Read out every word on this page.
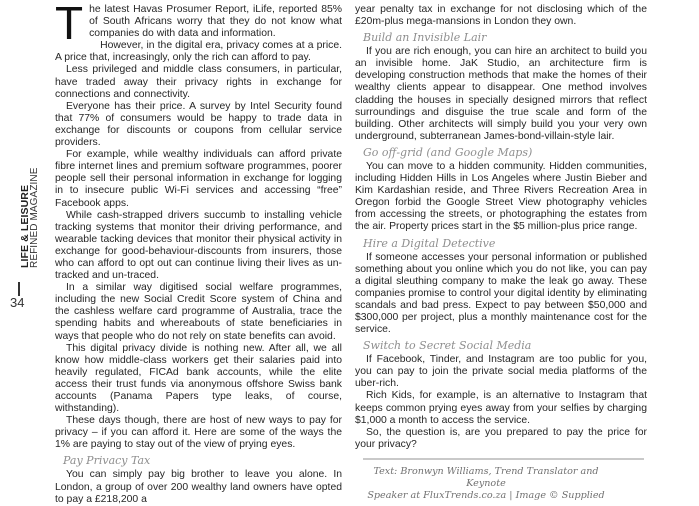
LIFE & LEISURE
REFINED MAGAZINE
34

The latest Havas Prosumer Report, iLife, reported 85% of South Africans worry that they do not know what companies do with data and information.

However, in the digital era, privacy comes at a price. A price that, increasingly, only the rich can afford to pay.

Less privileged and middle class consumers, in particular, have traded away their privacy rights in exchange for connections and connectivity.

Everyone has their price. A survey by Intel Security found that 77% of consumers would be happy to trade data in exchange for discounts or coupons from cellular service providers.

For example, while wealthy individuals can afford private fibre internet lines and premium software programmes, poorer people sell their personal information in exchange for logging in to insecure public Wi-Fi services and accessing “free” Facebook apps.

While cash-strapped drivers succumb to installing vehicle tracking systems that monitor their driving performance, and wearable tacking devices that monitor their physical activity in exchange for good-behaviour-discounts from insurers, those who can afford to opt out can continue living their lives as un-tracked and un-traced.

In a similar way digitised social welfare programmes, including the new Social Credit Score system of China and the cashless welfare card programme of Australia, trace the spending habits and whereabouts of state beneficiaries in ways that people who do not rely on state benefits can avoid.

This digital privacy divide is nothing new. After all, we all know how middle-class workers get their salaries paid into heavily regulated, FICAd bank accounts, while the elite access their trust funds via anonymous offshore Swiss bank accounts (Panama Papers type leaks, of course, withstanding).

These days though, there are host of new ways to pay for privacy – if you can afford it. Here are some of the ways the 1% are paying to stay out of the view of prying eyes.

Pay Privacy Tax

You can simply pay big brother to leave you alone. In London, a group of over 200 wealthy land owners have opted to pay a £218,200 a

year penalty tax in exchange for not disclosing which of the £20m-plus mega-mansions in London they own.

Build an Invisible Lair

If you are rich enough, you can hire an architect to build you an invisible home. JaK Studio, an architecture firm is developing construction methods that make the homes of their wealthy clients appear to disappear. One method involves cladding the houses in specially designed mirrors that reflect surroundings and disguise the true scale and form of the building. Other architects will simply build you your very own underground, subterranean James-bond-villain-style lair.

Go off-grid (and Google Maps)

You can move to a hidden community. Hidden communities, including Hidden Hills in Los Angeles where Justin Bieber and Kim Kardashian reside, and Three Rivers Recreation Area in Oregon forbid the Google Street View photography vehicles from accessing the streets, or photographing the estates from the air. Property prices start in the $5 million-plus price range.

Hire a Digital Detective

If someone accesses your personal information or published something about you online which you do not like, you can pay a digital sleuthing company to make the leak go away. These companies promise to control your digital identity by eliminating scandals and bad press. Expect to pay between $50,000 and $300,000 per project, plus a monthly maintenance cost for the service.

Switch to Secret Social Media

If Facebook, Tinder, and Instagram are too public for you, you can pay to join the private social media platforms of the uber-rich.

Rich Kids, for example, is an alternative to Instagram that keeps common prying eyes away from your selfies by charging $1,000 a month to access the service.

So, the question is, are you prepared to pay the price for your privacy?

Text: Bronwyn Williams, Trend Translator and Keynote
Speaker at FluxTrends.co.za | Image © Supplied
